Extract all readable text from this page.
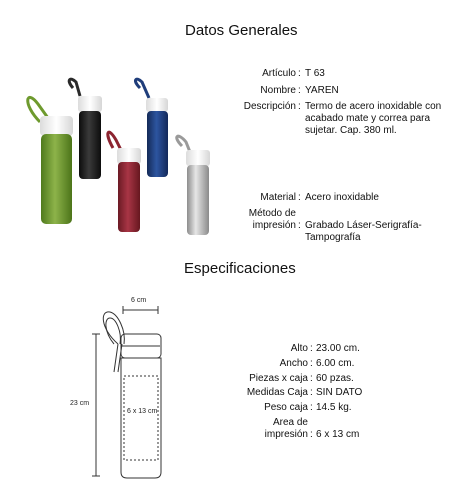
Datos Generales
Artículo : T 63
Nombre : YAREN
Descripción : Termo de acero inoxidable con acabado mate y correa para sujetar. Cap. 380 ml.
Material : Acero inoxidable
Método de impresión : Grabado Láser-Serigrafía-Tampografía
Especificaciones
6 cm
23 cm
6 x 13 cm
Alto : 23.00 cm.
Ancho : 6.00 cm.
Piezas x caja : 60 pzas.
Medidas Caja : SIN DATO
Peso caja : 14.5 kg.
Area de impresión : 6 x 13 cm
